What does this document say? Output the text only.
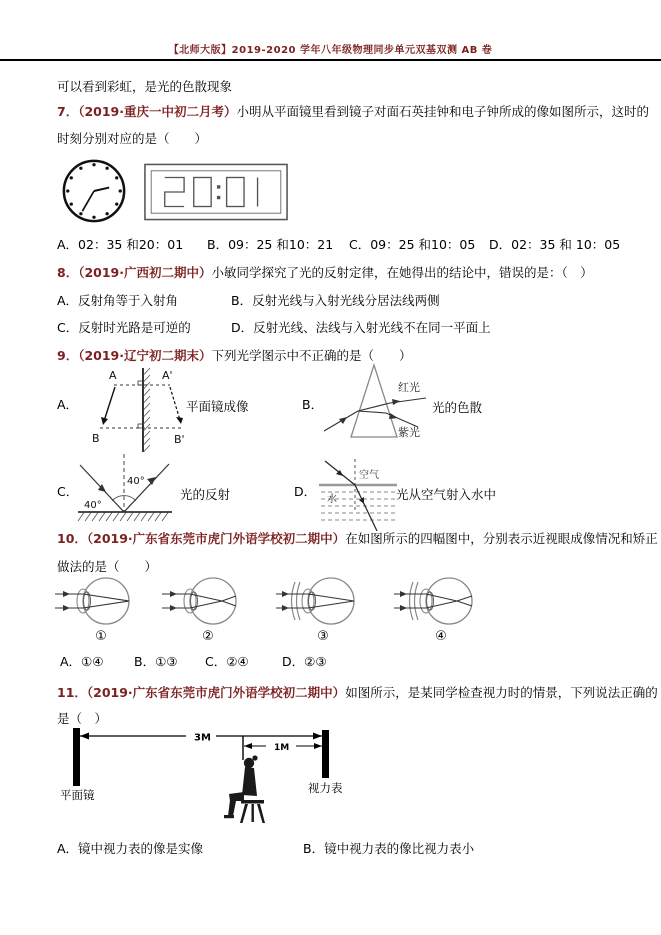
【北师大版】2019-2020 学年八年级物理同步单元双基双测 AB 卷
可以看到彩虹，是光的色散现象
7．（2019·重庆一中初二月考）小明从平面镜里看到镜子对面石英挂钟和电子钟所成的像如图所示，这时的
时刻分别对应的是（　　）
A．02：35 和20：01 B．09：25 和10：21 C．09：25 和10：05 D．02：35 和 10：05
8．（2019·广西初二期中）小敏同学探究了光的反射定律，在她得出的结论中，错误的是：（　）
A．反射角等于入射角	B．反射光线与入射光线分居法线两侧
C．反射时光路是可逆的	D．反射光线、法线与入射光线不在同一平面上
9．（2019·辽宁初二期末）下列光学图示中不正确的是（　　）
A．
A	A'
B	B'
平面镜成像	B．
红光
紫光
光的色散
C．
40°
40°
光的反射	D．
空气
水	光从空气射入水中
10．（2019·广东省东莞市虎门外语学校初二期中）在如图所示的四幅图中，分别表示近视眼成像情况和矫正
做法的是（　　）
①	②	③	④
A．①④ B．①③ C．②④	D．②③
11．（2019·广东省东莞市虎门外语学校初二期中）如图所示，是某同学检查视力时的情景，下列说法正确的
是（　）
3M
1M
平面镜	视力表
A．镜中视力表的像是实像	B．镜中视力表的像比视力表小
